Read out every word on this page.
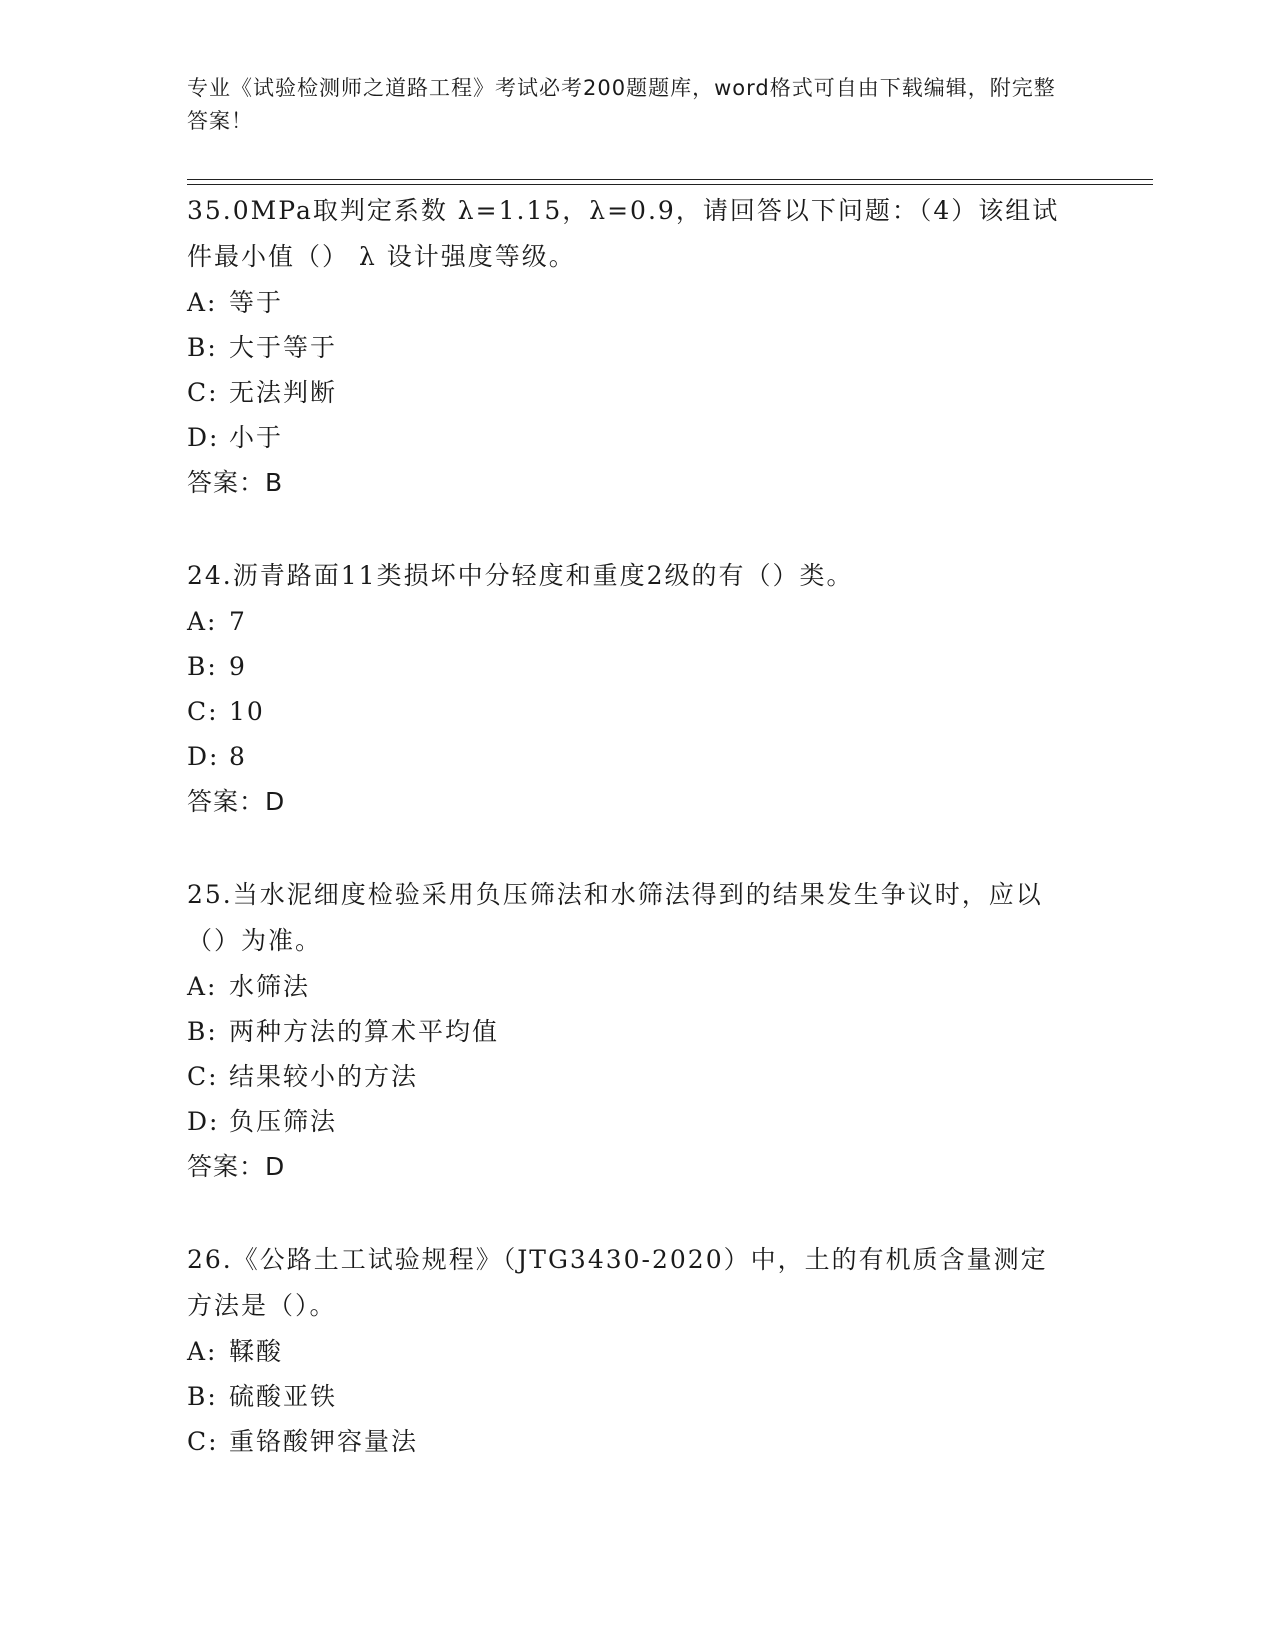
专业《试验检测师之道路工程》考试必考200题题库，word格式可自由下载编辑，附完整答案！

35.0MPa取判定系数 λ=1.15，λ=0.9，请回答以下问题：（4）该组试件最小值（） λ 设计强度等级。

A: 等于

B: 大于等于

C: 无法判断

D: 小于

答案：B

24.沥青路面11类损坏中分轻度和重度2级的有（）类。

A: 7

B: 9

C: 10

D: 8

答案：D

25.当水泥细度检验采用负压筛法和水筛法得到的结果发生争议时，应以（）为准。

A: 水筛法

B: 两种方法的算术平均值

C: 结果较小的方法

D: 负压筛法

答案：D

26.《公路土工试验规程》（JTG3430-2020）中，土的有机质含量测定方法是（）。

A: 鞣酸

B: 硫酸亚铁

C: 重铬酸钾容量法
